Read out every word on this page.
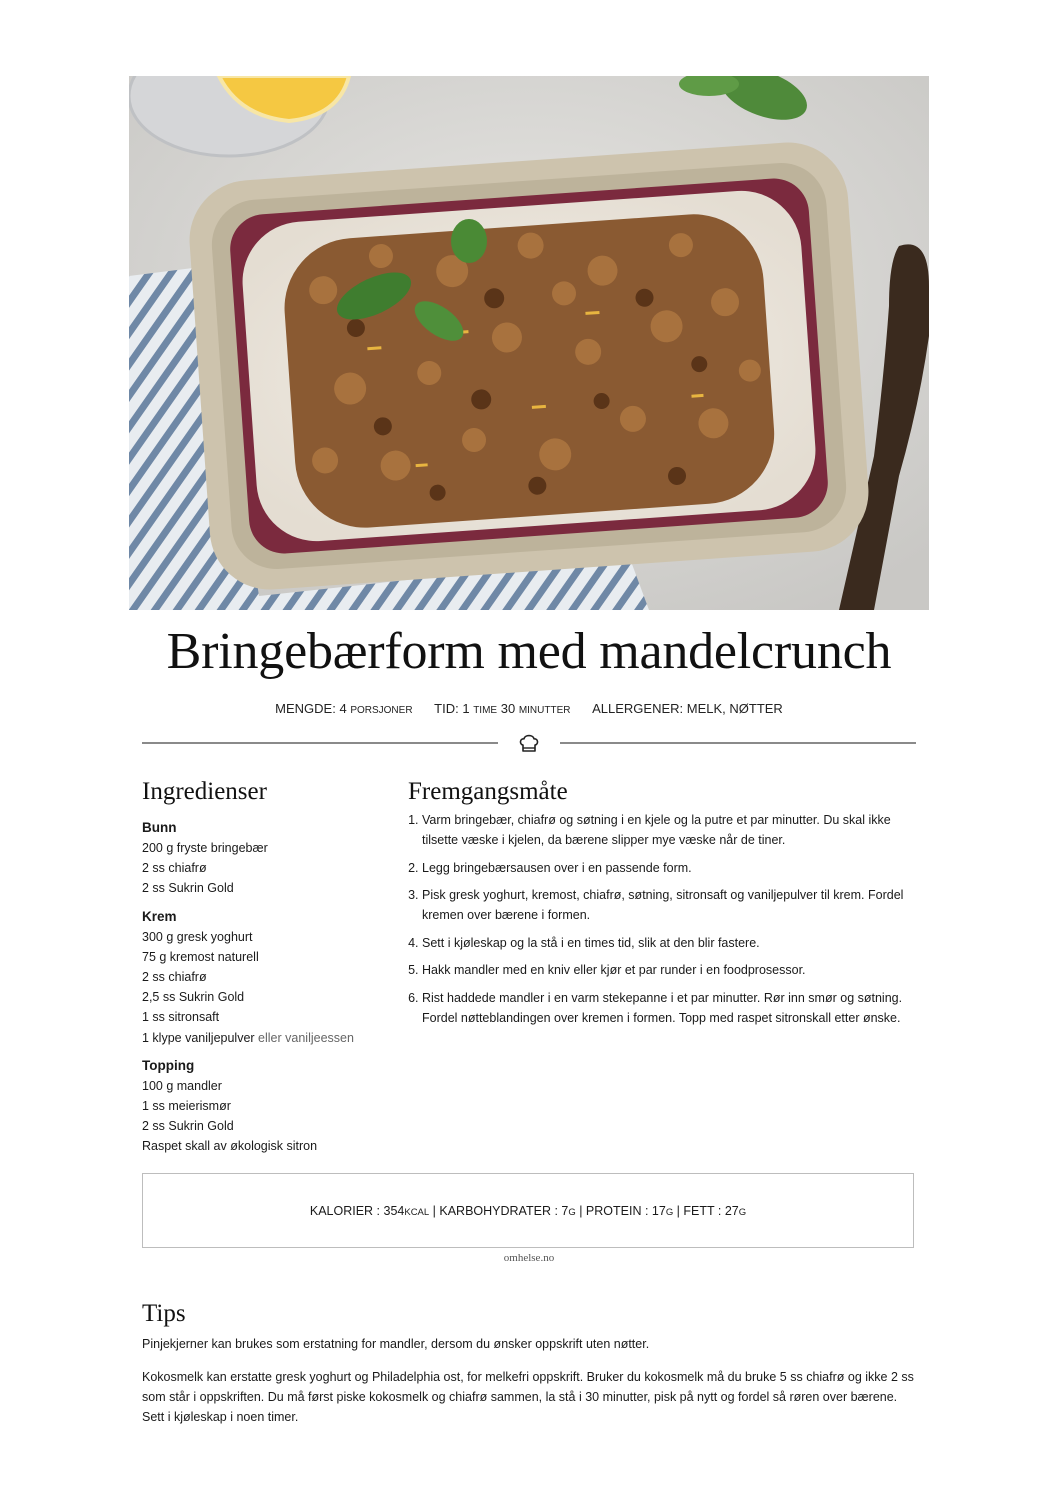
Bringebærform med mandelcrunch
MENGDE: 4 PORSJONER TID: 1 TIME 30 MINUTTER ALLERGENER: MELK, NØTTER
Ingredienser	Fremgangsmåte
Bunn

200 g fryste bringebær

2 ss chiafrø

2 ss Sukrin Gold

Krem

300 g gresk yoghurt

75 g kremost naturell

2 ss chiafrø

2,5 ss Sukrin Gold

1 ss sitronsaft

1 klype vaniljepulver eller vaniljeessen

Topping

100 g mandler

1 ss meierismør

2 ss Sukrin Gold

Raspet skall av økologisk sitron

1. Varm bringebær, chiafrø og søtning i en kjele og la putre et par minutter. Du skal ikke tilsette væske i kjelen, da bærene slipper mye væske når de tiner.
2. Legg bringebærsausen over i en passende form.
3. Pisk gresk yoghurt, kremost, chiafrø, søtning, sitronsaft og vaniljepulver til krem. Fordel kremen over bærene i formen.
4. Sett i kjøleskap og la stå i en times tid, slik at den blir fastere.
5. Hakk mandler med en kniv eller kjør et par runder i en foodprosessor.
6. Rist haddede mandler i en varm stekepanne i et par minutter. Rør inn smør og søtning. Fordel nøtteblandingen over kremen i formen. Topp med raspet sitronskall etter ønske.
KALORIER : 354KCAL | KARBOHYDRATER : 7G | PROTEIN : 17G | FETT : 27G
omhelse.no
Tips

Pinjekjerner kan brukes som erstatning for mandler, dersom du ønsker oppskrift uten nøtter.

Kokosmelk kan erstatte gresk yoghurt og Philadelphia ost, for melkefri oppskrift. Bruker du kokosmelk må du bruke 5 ss chiafrø og ikke 2 ss som står i oppskriften. Du må først piske kokosmelk og chiafrø sammen, la stå i 30 minutter, pisk på nytt og fordel så røren over bærene. Sett i kjøleskap i noen timer.
